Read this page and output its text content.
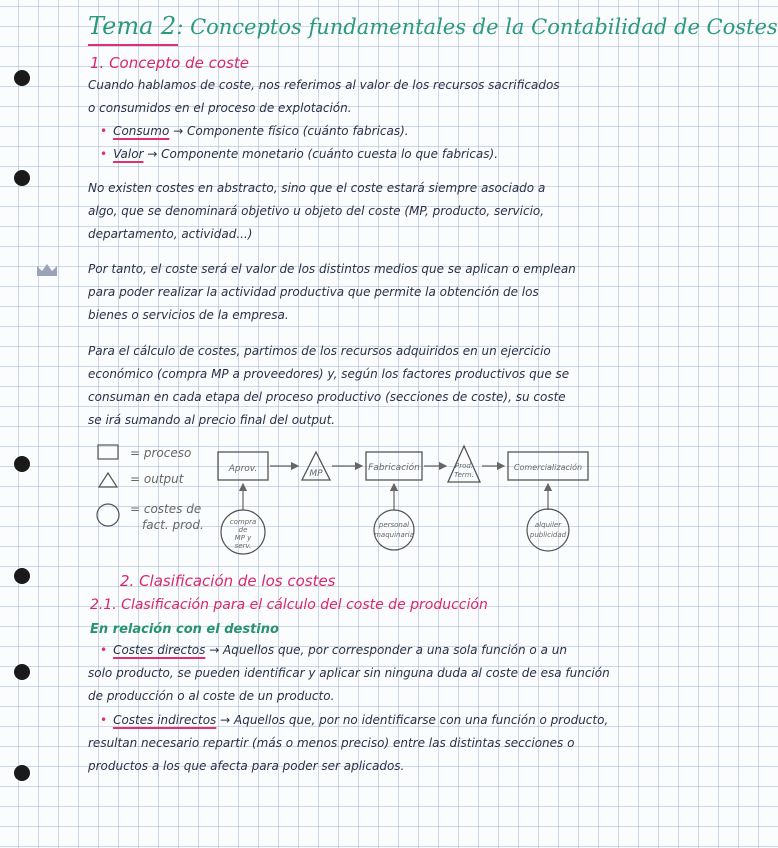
Tema 2: Conceptos fundamentales de la Contabilidad de Costes
1. Concepto de coste
Cuando hablamos de coste, nos referimos al valor de los recursos sacrificados
o consumidos en el proceso de explotación.
• Consumo → Componente físico (cuánto fabricas).
• Valor → Componente monetario (cuánto cuesta lo que fabricas).
No existen costes en abstracto, sino que el coste estará siempre asociado a
algo, que se denominará objetivo u objeto del coste (MP, producto, servicio,
departamento, actividad...)
Por tanto, el coste será el valor de los distintos medios que se aplican o emplean
para poder realizar la actividad productiva que permite la obtención de los
bienes o servicios de la empresa.
Para el cálculo de costes, partimos de los recursos adquiridos en un ejercicio
económico (compra MP a proveedores) y, según los factores productivos que se
consuman en cada etapa del proceso productivo (secciones de coste), su coste
se irá sumando al precio final del output.
= proceso
= output
= costes de
fact. prod.
Aprov.	MP
Fabricación	Prod.
Term.
Comercialización
compra
de
MP y
serv.
personal
maquinaria
alquiler
publicidad
2. Clasificación de los costes
2.1. Clasificación para el cálculo del coste de producción
En relación con el destino
• Costes directos → Aquellos que, por corresponder a una sola función o a un
solo producto, se pueden identificar y aplicar sin ninguna duda al coste de esa función
de producción o al coste de un producto.
• Costes indirectos → Aquellos que, por no identificarse con una función o producto,
resultan necesario repartir (más o menos preciso) entre las distintas secciones o
productos a los que afecta para poder ser aplicados.
